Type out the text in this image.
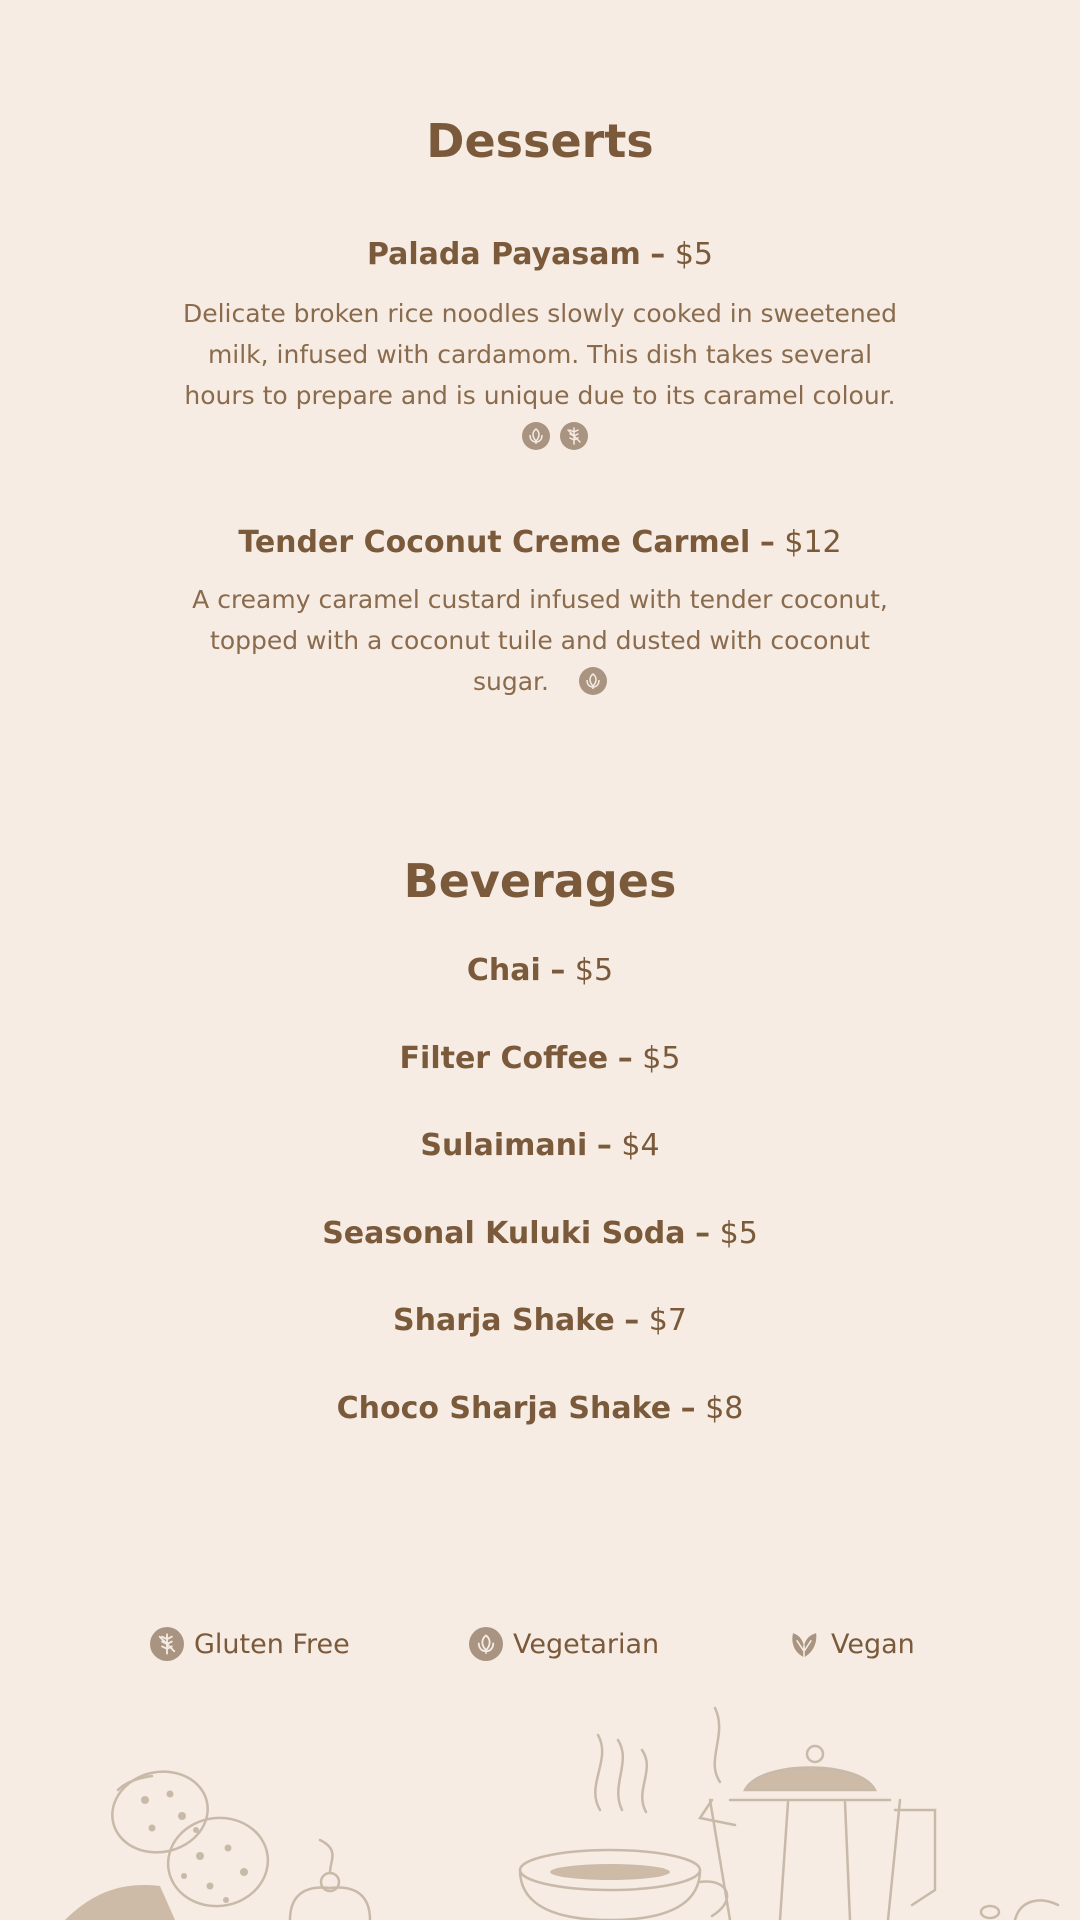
Desserts

Palada Payasam – $5

Delicate broken rice noodles slowly cooked in sweetened milk, infused with cardamom. This dish takes several hours to prepare and is unique due to its caramel colour.

Tender Coconut Creme Carmel – $12

A creamy caramel custard infused with tender coconut, topped with a coconut tuile and dusted with coconut sugar.

Beverages

Chai – $5

Filter Coffee – $5

Sulaimani – $4

Seasonal Kuluki Soda – $5

Sharja Shake – $7

Choco Sharja Shake – $8

Gluten Free	Vegetarian	Vegan
